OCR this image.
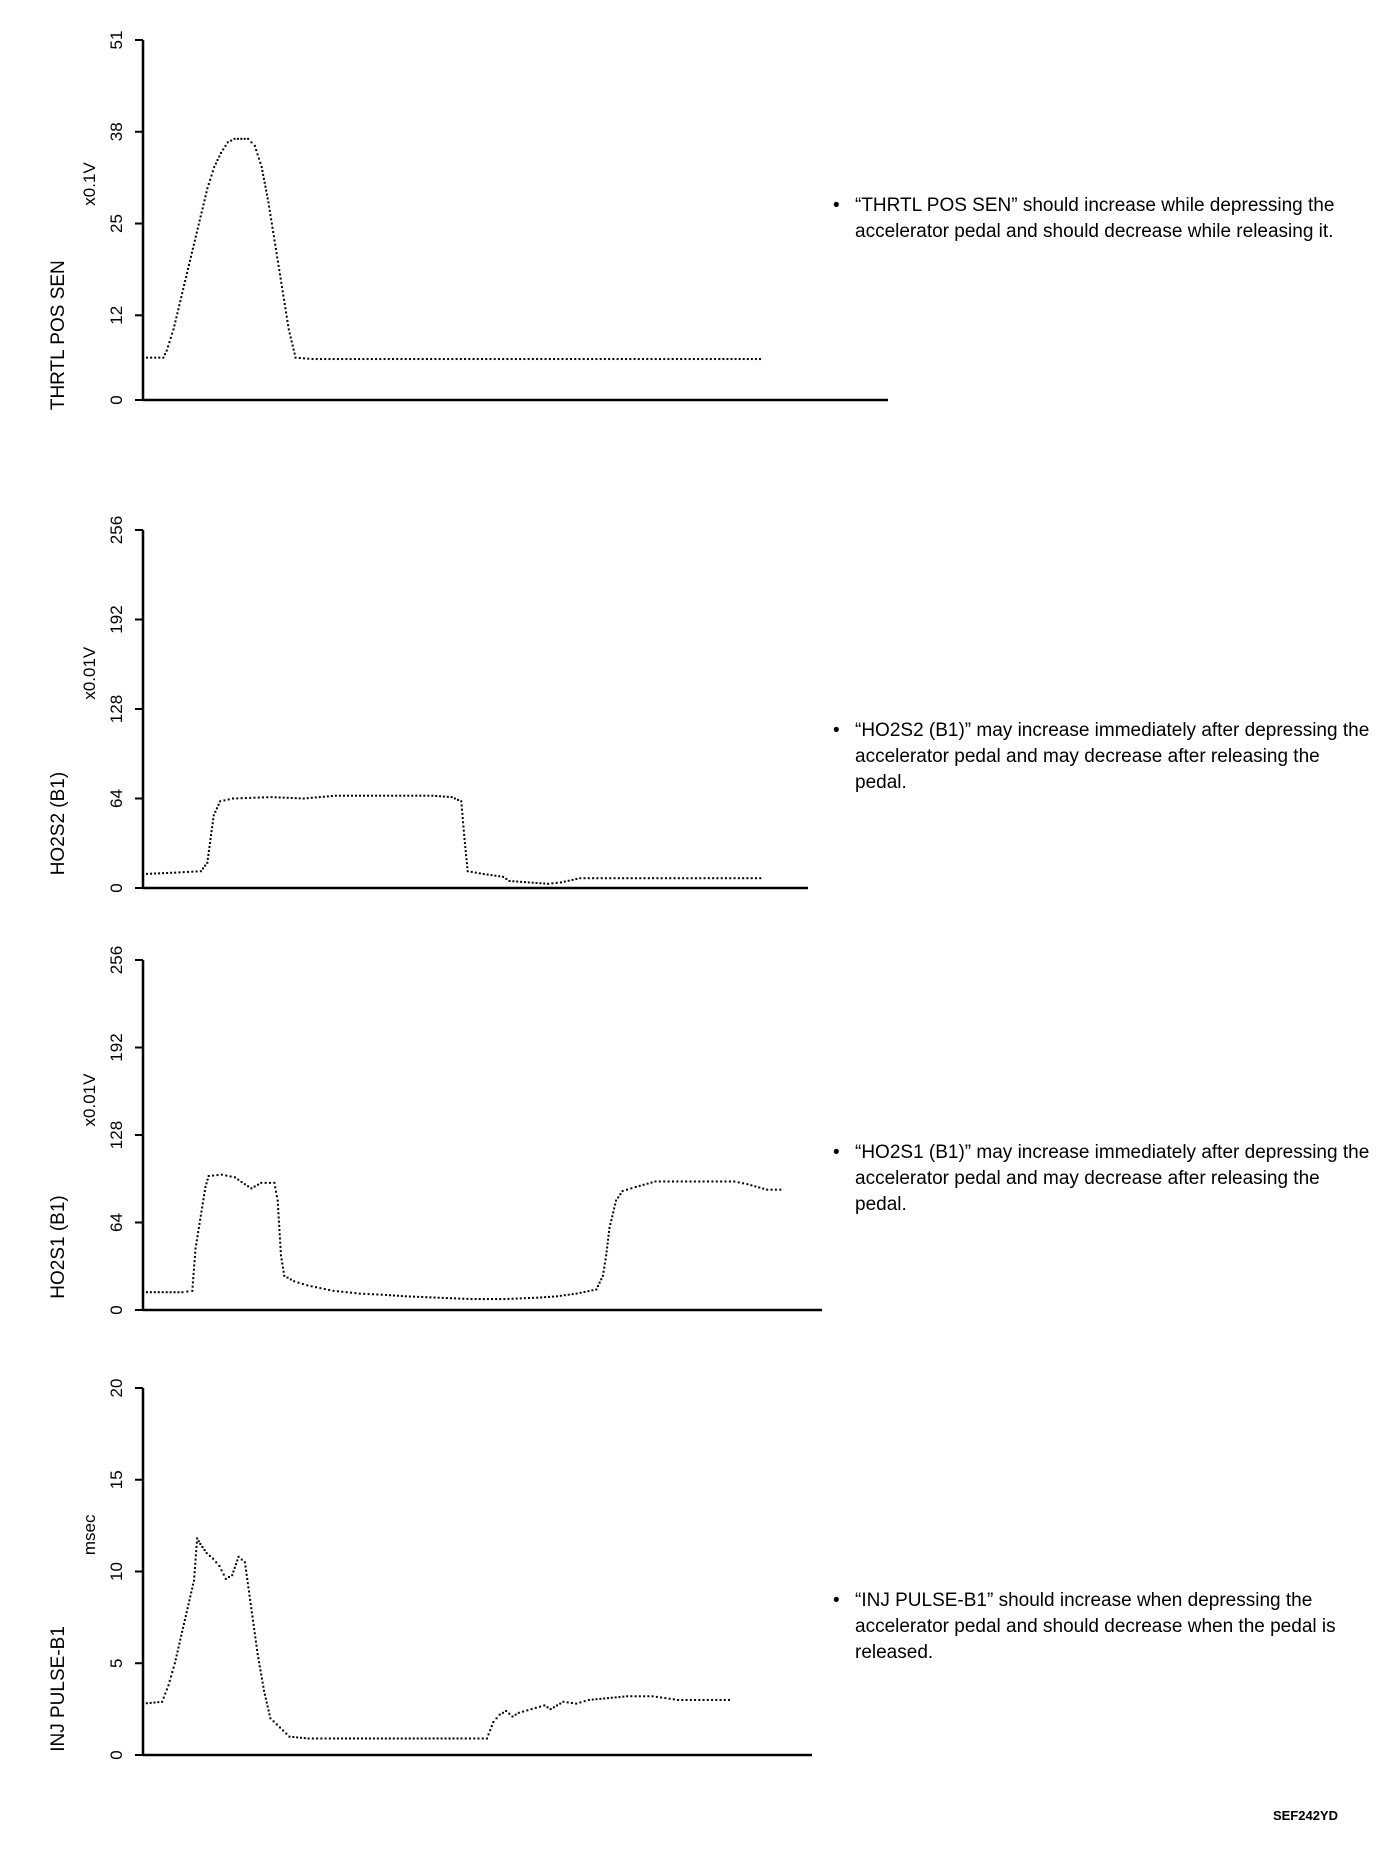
0
12
25
38
51
THRTL POS SEN
x0.1V
0
64
128
192
256
HO2S2 (B1)
x0.01V
0
64
128
192
256
HO2S1 (B1)
x0.01V
0
5
10
15
20
INJ PULSE-B1
msec
• “THRTL POS SEN” should increase while depressing the accelerator pedal and should decrease while releasing it.
• “HO2S2 (B1)” may increase immediately after depressing the accelerator pedal and may decrease after releasing the pedal.
• “HO2S1 (B1)” may increase immediately after depressing the accelerator pedal and may decrease after releasing the pedal.
• “INJ PULSE-B1” should increase when depressing the accelerator pedal and should decrease when the pedal is released.
SEF242YD
